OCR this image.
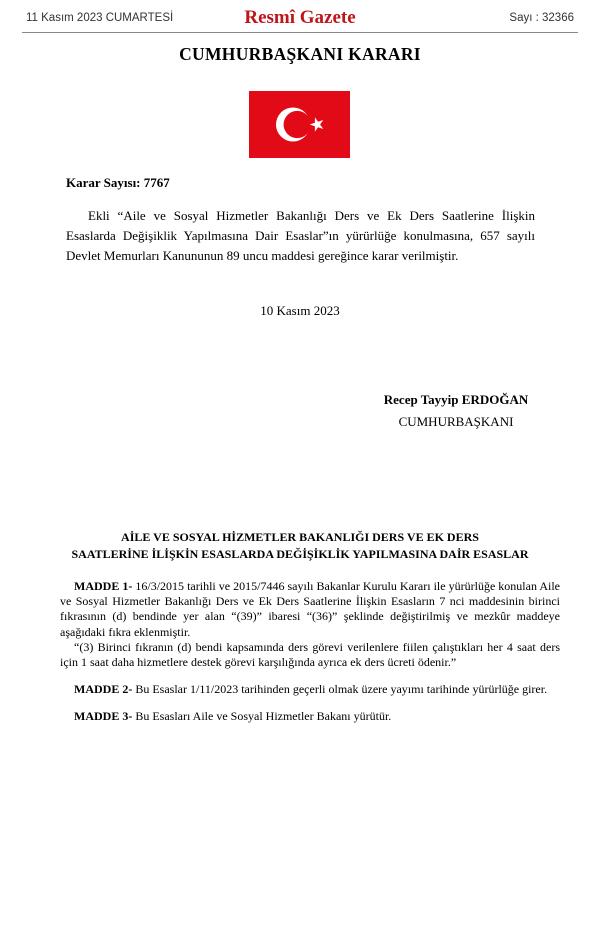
11 Kasım 2023 CUMARTESİ	Resmî Gazete	Sayı : 32366
CUMHURBAŞKANI KARARI
Karar Sayısı: 7767

Ekli “Aile ve Sosyal Hizmetler Bakanlığı Ders ve Ek Ders Saatlerine İlişkin Esaslarda Değişiklik Yapılmasına Dair Esaslar”ın yürürlüğe konulmasına, 657 sayılı Devlet Memurları Kanununun 89 uncu maddesi gereğince karar verilmiştir.

10 Kasım 2023
Recep Tayyip ERDOĞAN
CUMHURBAŞKANI
AİLE VE SOSYAL HİZMETLER BAKANLIĞI DERS VE EK DERS
SAATLERİNE İLİŞKİN ESASLARDA DEĞİŞİKLİK YAPILMASINA DAİR ESASLAR

MADDE 1- 16/3/2015 tarihli ve 2015/7446 sayılı Bakanlar Kurulu Kararı ile yürürlüğe konulan Aile ve Sosyal Hizmetler Bakanlığı Ders ve Ek Ders Saatlerine İlişkin Esasların 7 nci maddesinin birinci fıkrasının (d) bendinde yer alan “(39)” ibaresi “(36)” şeklinde değiştirilmiş ve mezkûr maddeye aşağıdaki fıkra eklenmiştir.

“(3) Birinci fıkranın (d) bendi kapsamında ders görevi verilenlere fiilen çalıştıkları her 4 saat ders için 1 saat daha hizmetlere destek görevi karşılığında ayrıca ek ders ücreti ödenir.”

MADDE 2- Bu Esaslar 1/11/2023 tarihinden geçerli olmak üzere yayımı tarihinde yürürlüğe girer.

MADDE 3- Bu Esasları Aile ve Sosyal Hizmetler Bakanı yürütür.
